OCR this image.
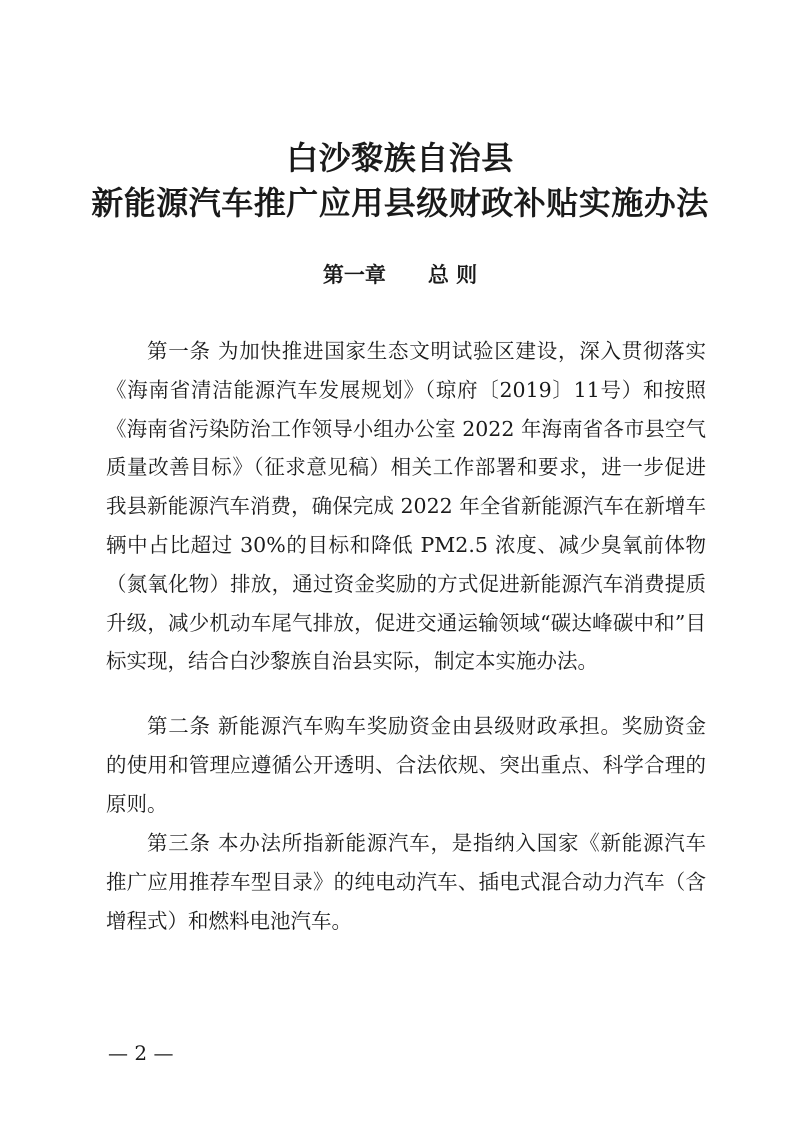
白沙黎族自治县
新能源汽车推广应用县级财政补贴实施办法
第一章　　总 则

第一条 为加快推进国家生态文明试验区建设，深入贯彻落实《海南省清洁能源汽车发展规划》（琼府〔2019〕11号）和按照《海南省污染防治工作领导小组办公室 2022 年海南省各市县空气质量改善目标》（征求意见稿）相关工作部署和要求，进一步促进我县新能源汽车消费，确保完成 2022 年全省新能源汽车在新增车辆中占比超过 30%的目标和降低 PM2.5 浓度、减少臭氧前体物（氮氧化物）排放，通过资金奖励的方式促进新能源汽车消费提质升级，减少机动车尾气排放，促进交通运输领域“碳达峰碳中和”目标实现，结合白沙黎族自治县实际，制定本实施办法。

第二条 新能源汽车购车奖励资金由县级财政承担。奖励资金的使用和管理应遵循公开透明、合法依规、突出重点、科学合理的原则。

第三条 本办法所指新能源汽车，是指纳入国家《新能源汽车推广应用推荐车型目录》的纯电动汽车、插电式混合动力汽车（含增程式）和燃料电池汽车。

— 2 —
